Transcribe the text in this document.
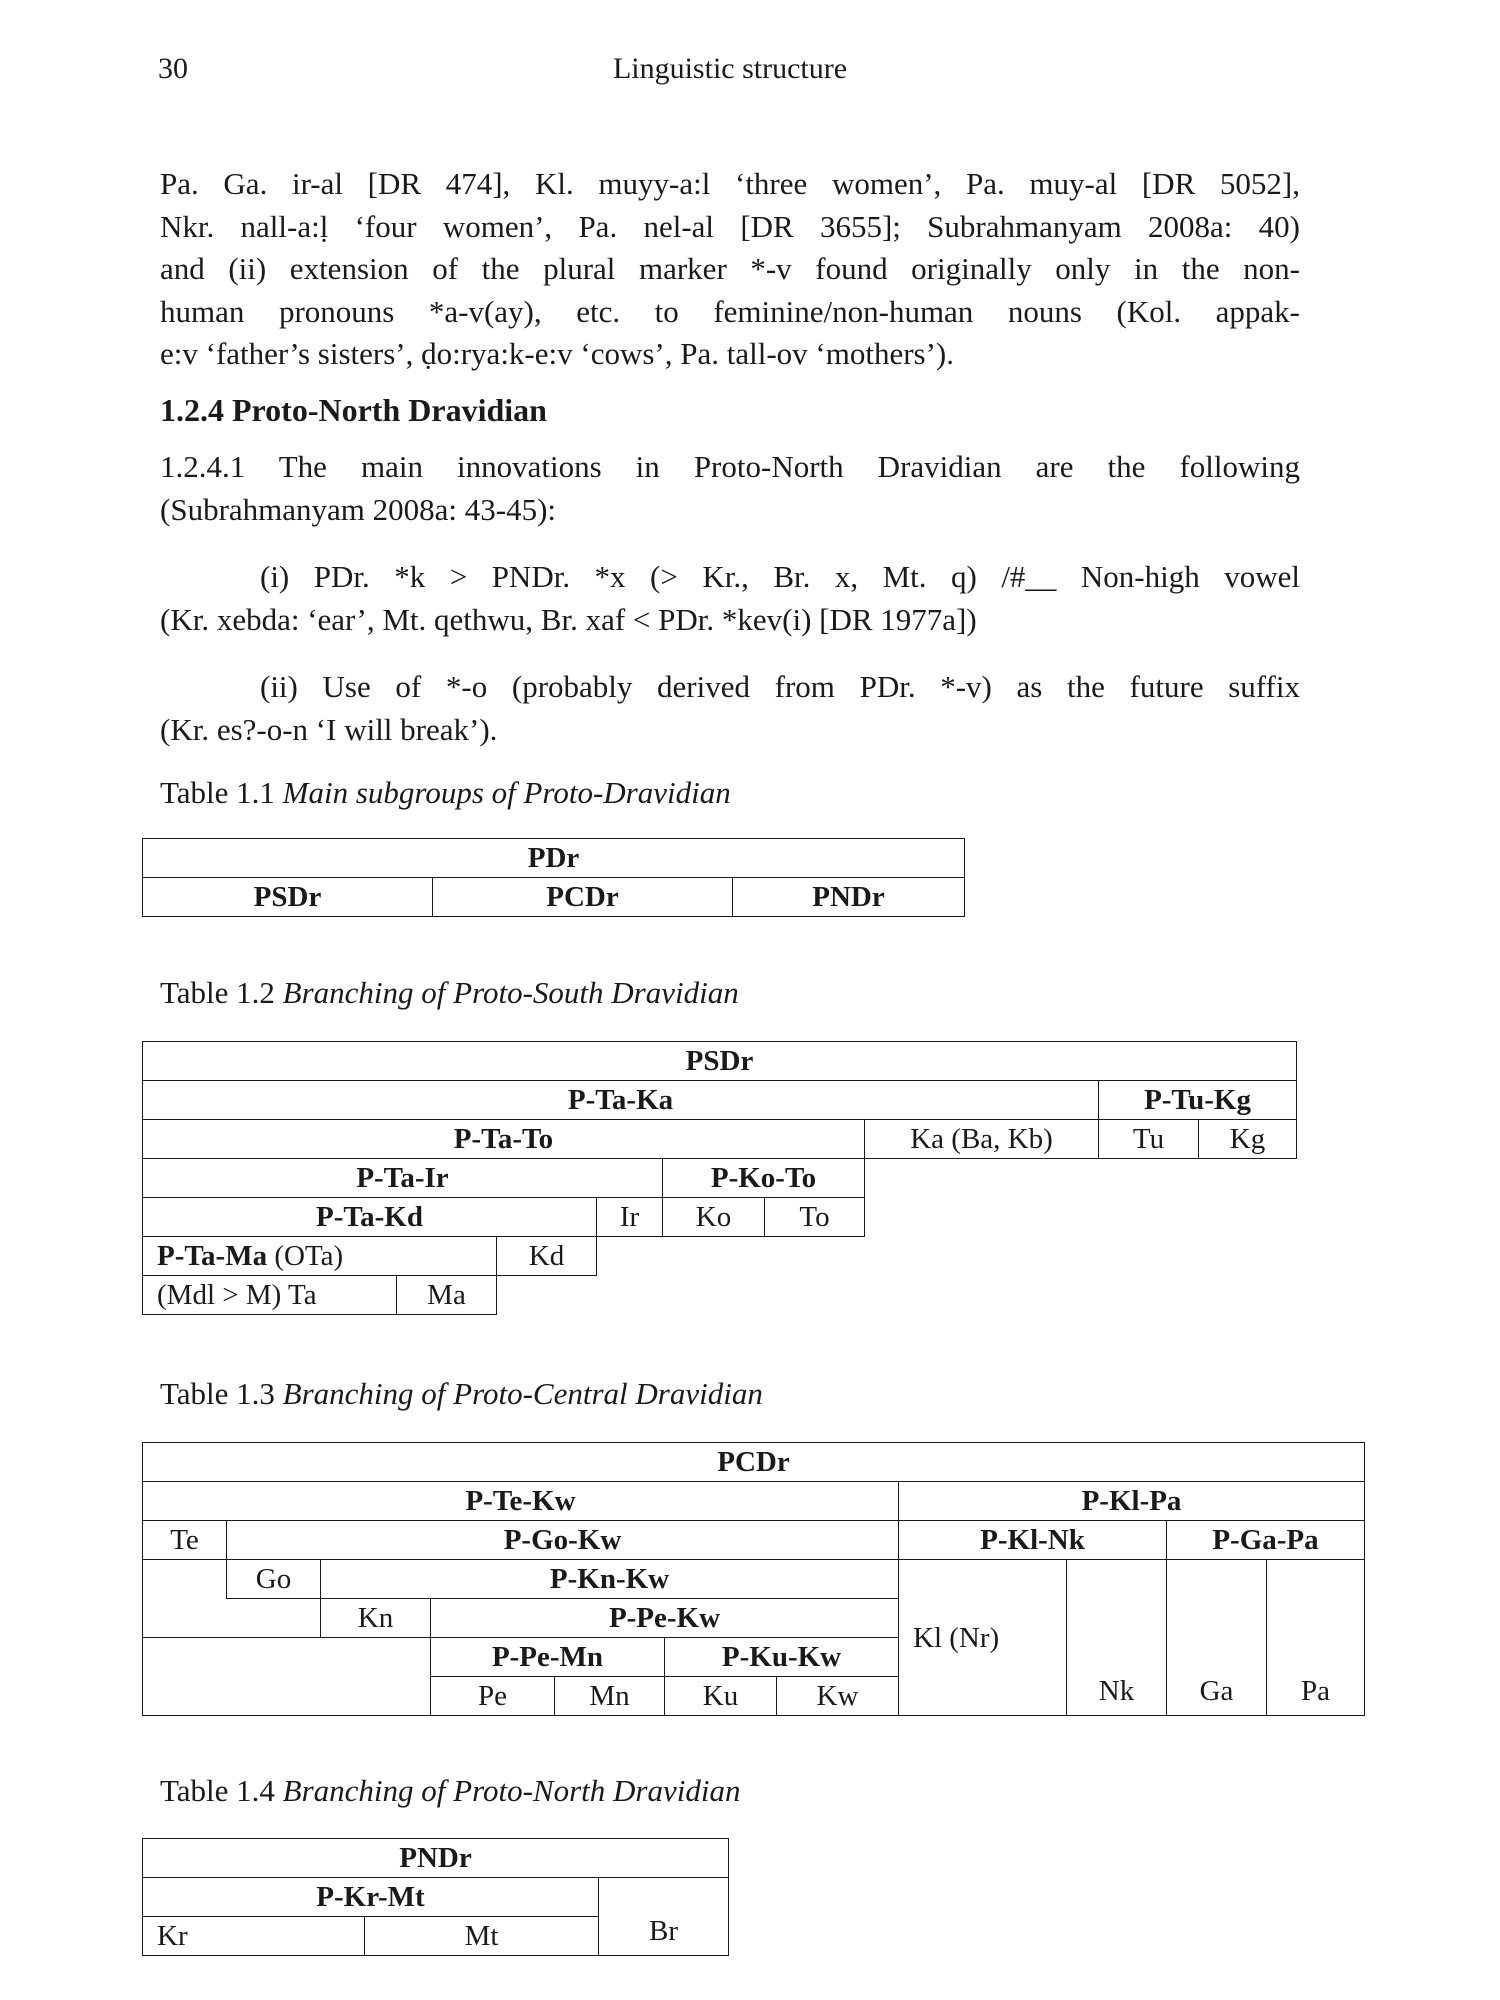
30	Linguistic structure
Pa. Ga. ir-al [DR 474], Kl. muyy-a:l ‘three women’, Pa. muy-al [DR 5052],
Nkr. nall-a:ḷ ‘four women’, Pa. nel-al [DR 3655]; Subrahmanyam 2008a: 40)
and (ii) extension of the plural marker *-v found originally only in the non-
human pronouns *a-v(ay), etc. to feminine/non-human nouns (Kol. appak-
e:v ‘father’s sisters’, ḍo:rya:k-e:v ‘cows’, Pa. tall-ov ‘mothers’).
1.2.4 Proto-North Dravidian
1.2.4.1 The main innovations in Proto-North Dravidian are the following
(Subrahmanyam 2008a: 43-45):
(i) PDr. *k > PNDr. *x (> Kr., Br. x, Mt. q) /#__ Non-high vowel
(Kr. xebda: ‘ear’, Mt. qethwu, Br. xaf < PDr. *kev(i) [DR 1977a])
(ii) Use of *-o (probably derived from PDr. *-v) as the future suffix
(Kr. es?-o-n ‘I will break’).
Table 1.1 Main subgroups of Proto-Dravidian
PDr
PSDr	PCDr	PNDr
Table 1.2 Branching of Proto-South Dravidian
PSDr								
P-Ta-Ka							P-Tu-Kg	
P-Ta-To						Ka (Ba, Kb)	Tu	Kg
P-Ta-Ir				P-Ko-To				
P-Ta-Kd			Ir	Ko	To			
P-Ta-Ma (OTa)		Kd						
(Mdl > M) Ta	Ma							
Table 1.3 Branching of Proto-Central Dravidian
PCDr										
P-Te-Kw							P-Kl-Pa			
Te	P-Go-Kw						P-Kl-Nk		P-Ga-Pa	
	Go	P-Kn-Kw					Kl (Nr)	Nk	Ga	Pa
		Kn	P-Pe-Kw							
			P-Pe-Mn		P-Ku-Kw					
			Pe	Mn	Ku	Kw				
Table 1.4 Branching of Proto-North Dravidian
PNDr		
P-Kr-Mt		Br
Kr	Mt	
